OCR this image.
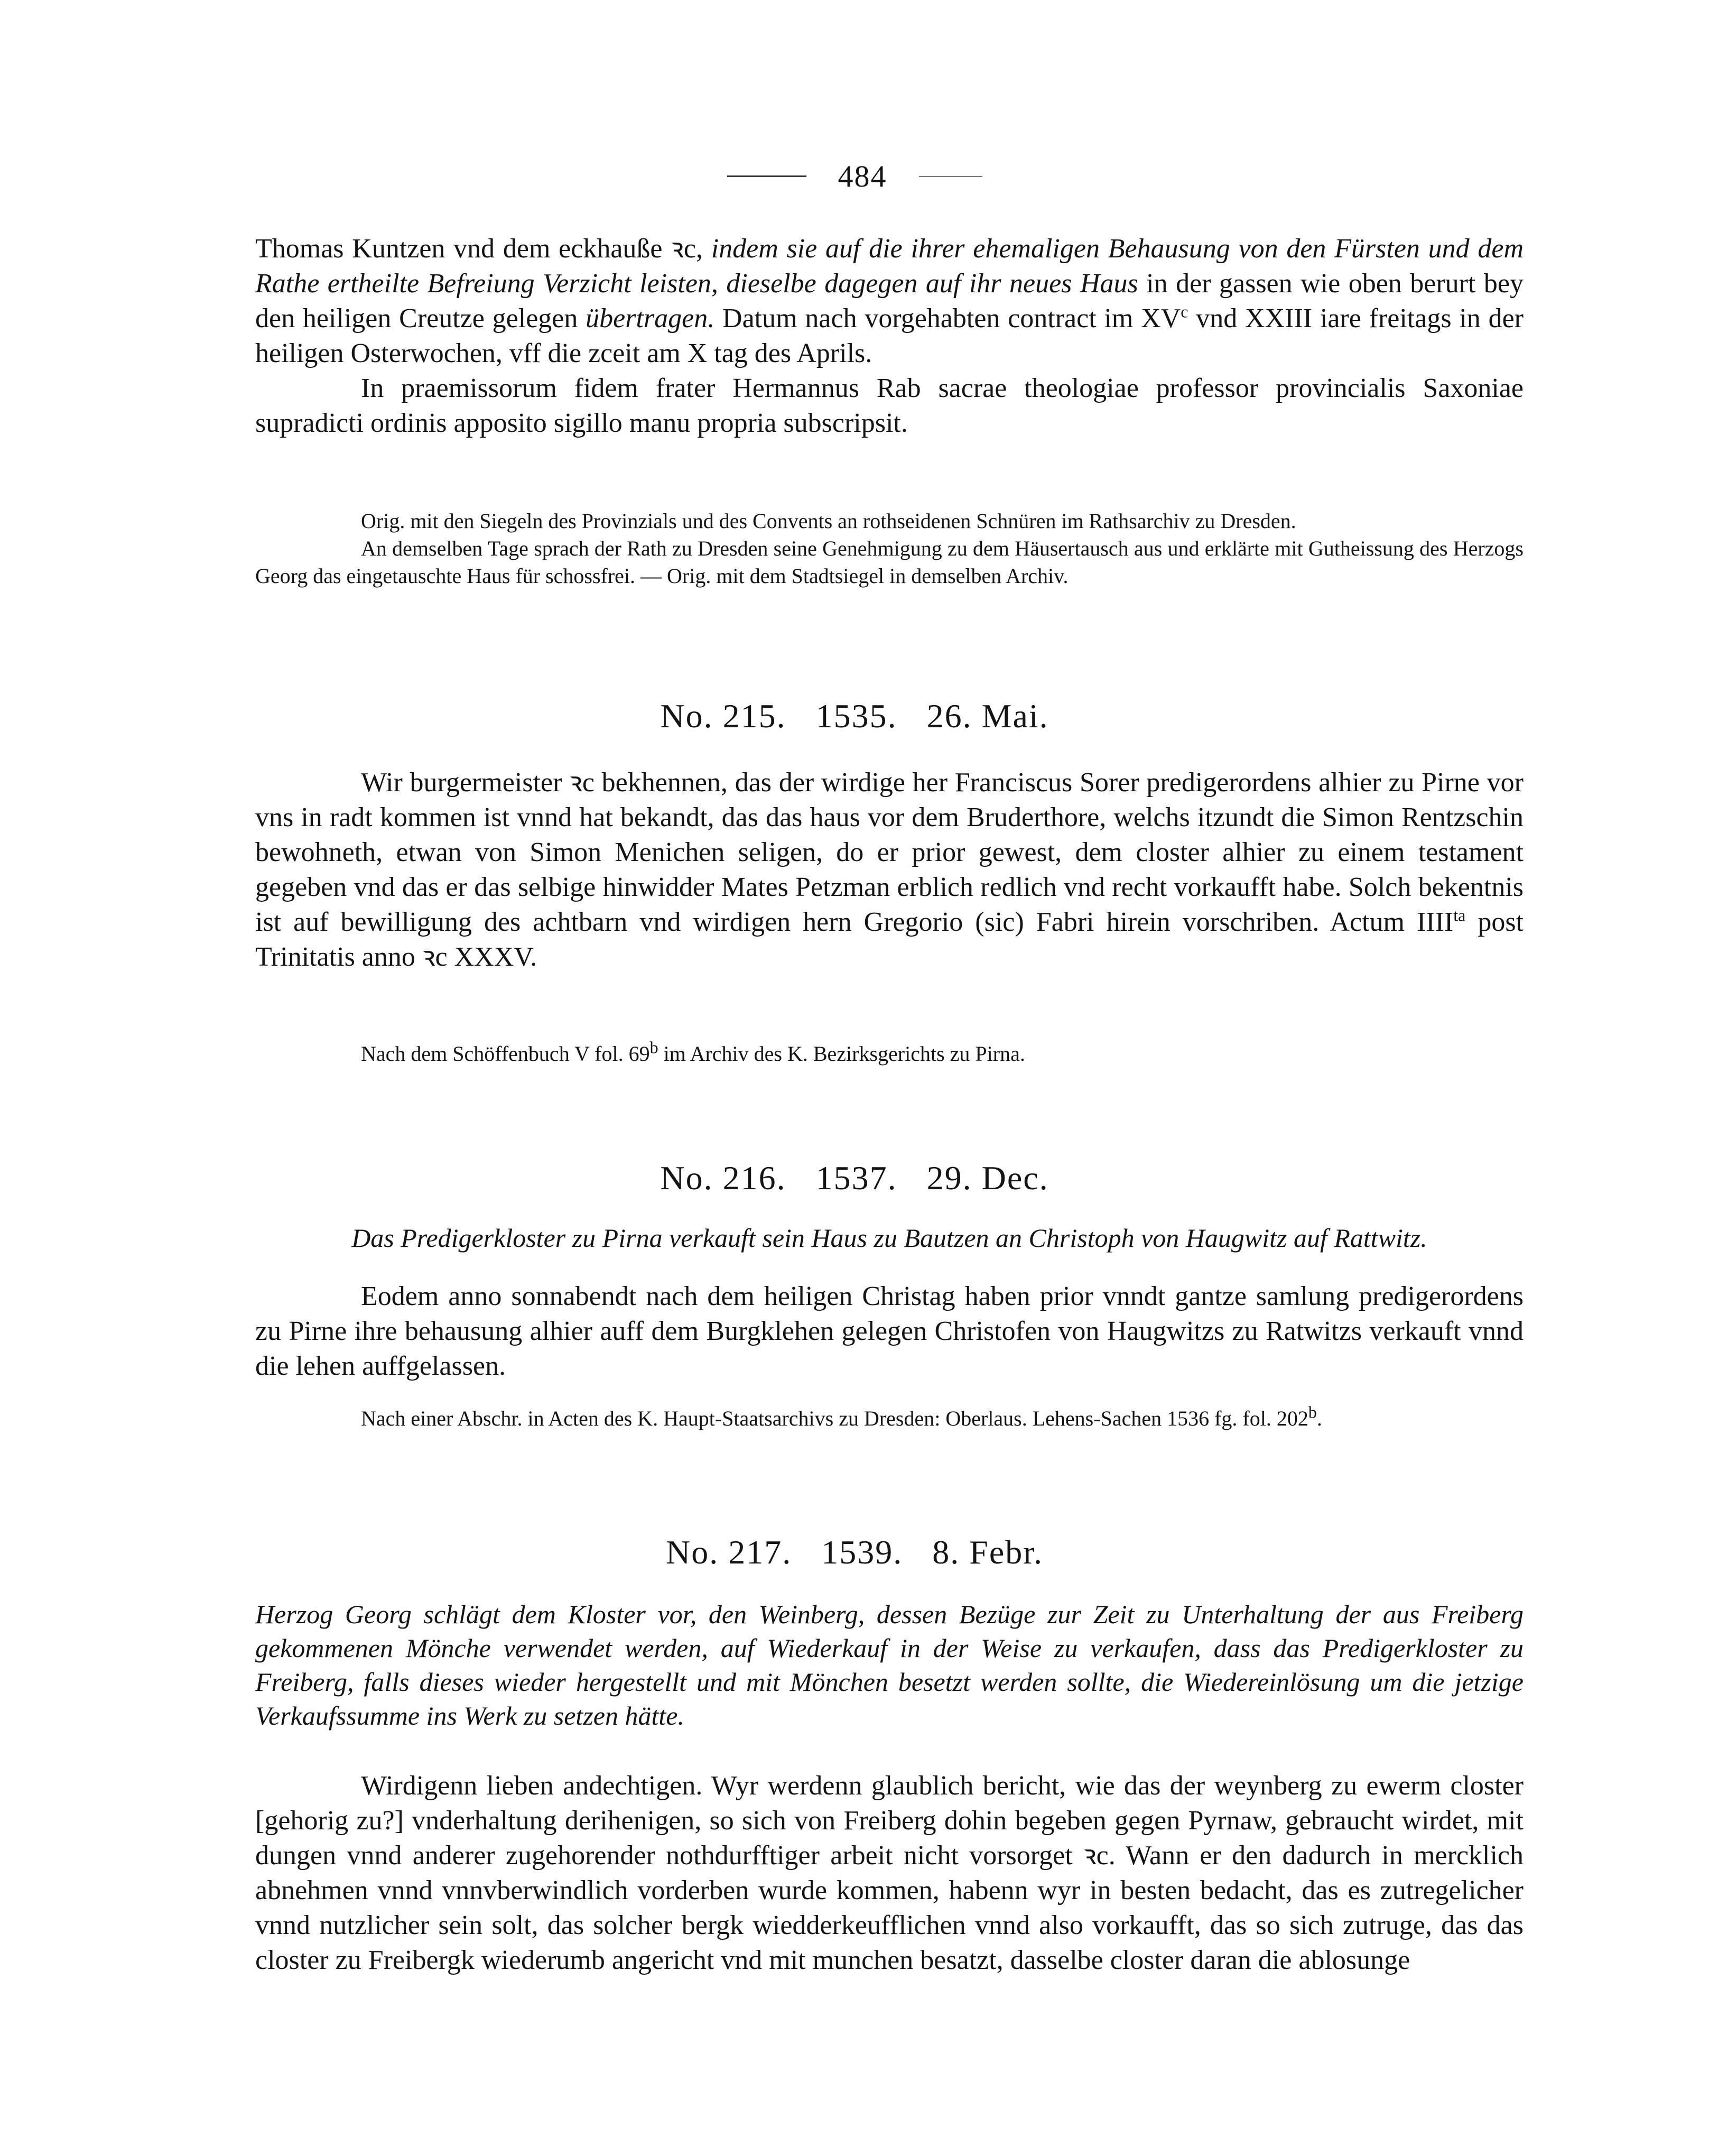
484

Thomas Kuntzen vnd dem eckhauße ꝛc, indem sie auf die ihrer ehemaligen Behausung von den Fürsten und dem Rathe ertheilte Befreiung Verzicht leisten, dieselbe dagegen auf ihr neues Haus in der gassen wie oben berurt bey den heiligen Creutze gelegen übertragen. Datum nach vorgehabten contract im $XV^c$ vnd XXIII iare freitags in der heiligen Osterwochen, vff die zceit am X tag des Aprils.

In praemissorum fidem frater Hermannus Rab sacrae theologiae professor provincialis Saxoniae supradicti ordinis apposito sigillo manu propria subscripsit.

Orig. mit den Siegeln des Provinzials und des Convents an rothseidenen Schnüren im Rathsarchiv zu Dresden.

An demselben Tage sprach der Rath zu Dresden seine Genehmigung zu dem Häusertausch aus und erklärte mit Gutheissung des Herzogs Georg das eingetauschte Haus für schossfrei. — Orig. mit dem Stadtsiegel in demselben Archiv.

No. 215. 1535. 26. Mai.

Wir burgermeister ꝛc bekhennen, das der wirdige her Franciscus Sorer predigerordens alhier zu Pirne vor vns in radt kommen ist vnnd hat bekandt, das das haus vor dem Bruderthore, welchs itzundt die Simon Rentzschin bewohneth, etwan von Simon Menichen seligen, do er prior gewest, dem closter alhier zu einem testament gegeben vnd das er das selbige hinwidder Mates Petzman erblich redlich vnd recht vorkaufft habe. Solch bekentnis ist auf bewilligung des achtbarn vnd wirdigen hern Gregorio (sic) Fabri hirein vorschriben. Actum $IIII^{ta}$ post Trinitatis anno ꝛc XXXV.

Nach dem Schöffenbuch V fol. 69$^b$ im Archiv des K. Bezirksgerichts zu Pirna.

No. 216. 1537. 29. Dec.

Das Predigerkloster zu Pirna verkauft sein Haus zu Bautzen an Christoph von Haugwitz auf Rattwitz.

Eodem anno sonnabendt nach dem heiligen Christag haben prior vnndt gantze samlung predigerordens zu Pirne ihre behausung alhier auff dem Burgklehen gelegen Christofen von Haugwitzs zu Ratwitzs verkauft vnnd die lehen auffgelassen.

Nach einer Abschr. in Acten des K. Haupt-Staatsarchivs zu Dresden: Oberlaus. Lehens-Sachen 1536 fg. fol. 202$^b$.

No. 217. 1539. 8. Febr.

Herzog Georg schlägt dem Kloster vor, den Weinberg, dessen Bezüge zur Zeit zu Unterhaltung der aus Freiberg gekommenen Mönche verwendet werden, auf Wiederkauf in der Weise zu verkaufen, dass das Predigerkloster zu Freiberg, falls dieses wieder hergestellt und mit Mönchen besetzt werden sollte, die Wiedereinlösung um die jetzige Verkaufssumme ins Werk zu setzen hätte.

Wirdigenn lieben andechtigen. Wyr werdenn glaublich bericht, wie das der weynberg zu ewerm closter [gehorig zu?] vnderhaltung derihenigen, so sich von Freiberg dohin begeben gegen Pyrnaw, gebraucht wirdet, mit dungen vnnd anderer zugehorender nothdurfftiger arbeit nicht vorsorget ꝛc. Wann er den dadurch in mercklich abnehmen vnnd vnnvberwindlich vorderben wurde kommen, habenn wyr in besten bedacht, das es zutregelicher vnnd nutzlicher sein solt, das solcher bergk wiedderkeufflichen vnnd also vorkaufft, das so sich zutruge, das das closter zu Freibergk wiederumb angericht vnd mit munchen besatzt, dasselbe closter daran die ablosunge
